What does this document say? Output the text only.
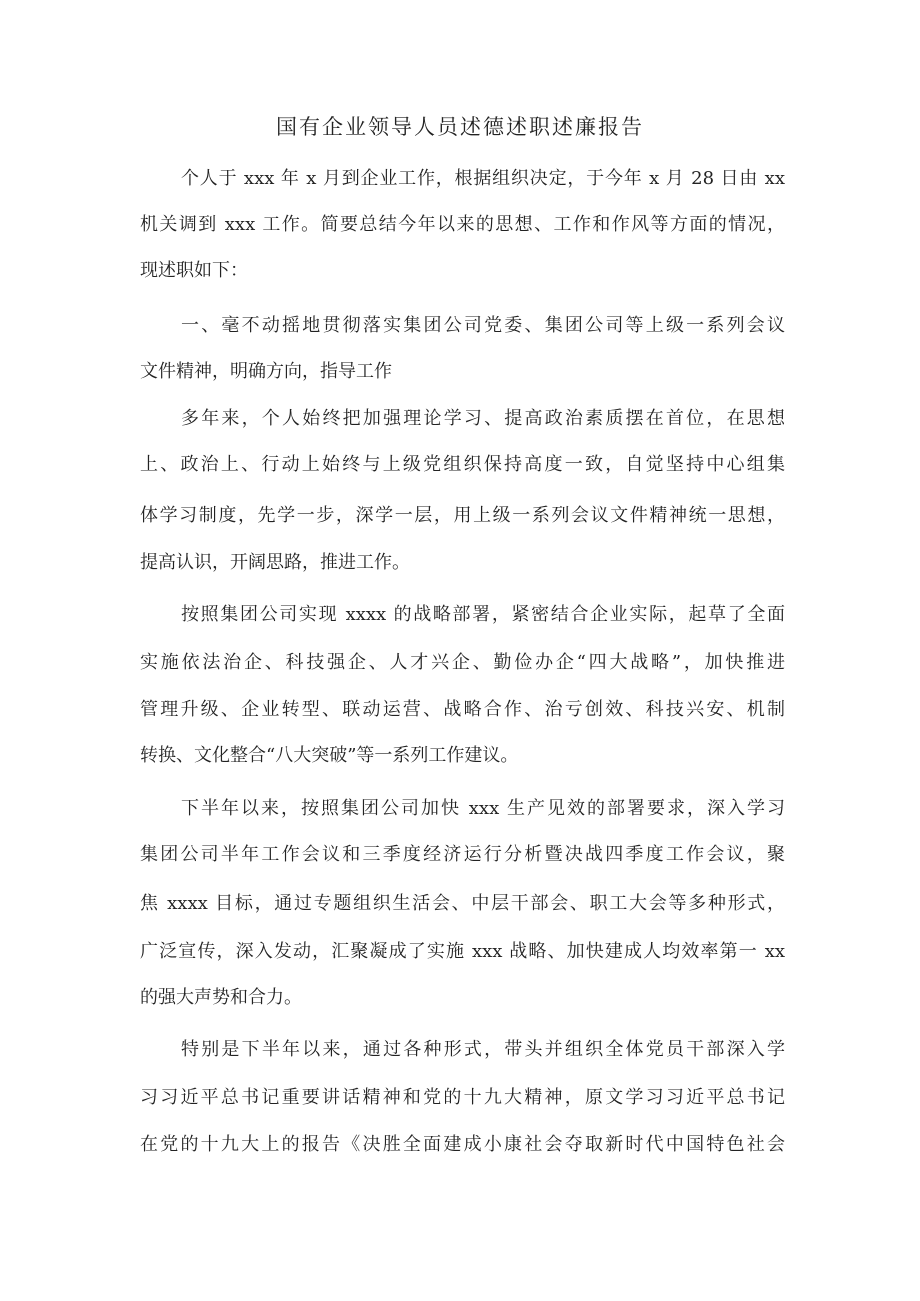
国有企业领导人员述德述职述廉报告

个人于 xxx 年 x 月到企业工作，根据组织决定，于今年 x 月 28 日由 xx

机关调到 xxx 工作。简要总结今年以来的思想、工作和作风等方面的情况，

现述职如下：

一、毫不动摇地贯彻落实集团公司党委、集团公司等上级一系列会议

文件精神，明确方向，指导工作

多年来，个人始终把加强理论学习、提高政治素质摆在首位，在思想

上、政治上、行动上始终与上级党组织保持高度一致，自觉坚持中心组集

体学习制度，先学一步，深学一层，用上级一系列会议文件精神统一思想，

提高认识，开阔思路，推进工作。

按照集团公司实现 xxxx 的战略部署，紧密结合企业实际，起草了全面

实施依法治企、科技强企、人才兴企、勤俭办企“四大战略”，加快推进

管理升级、企业转型、联动运营、战略合作、治亏创效、科技兴安、机制

转换、文化整合“八大突破”等一系列工作建议。

下半年以来，按照集团公司加快 xxx 生产见效的部署要求，深入学习

集团公司半年工作会议和三季度经济运行分析暨决战四季度工作会议，聚

焦 xxxx 目标，通过专题组织生活会、中层干部会、职工大会等多种形式，

广泛宣传，深入发动，汇聚凝成了实施 xxx 战略、加快建成人均效率第一 xx

的强大声势和合力。

特别是下半年以来，通过各种形式，带头并组织全体党员干部深入学

习习近平总书记重要讲话精神和党的十九大精神，原文学习习近平总书记

在党的十九大上的报告《决胜全面建成小康社会夺取新时代中国特色社会
